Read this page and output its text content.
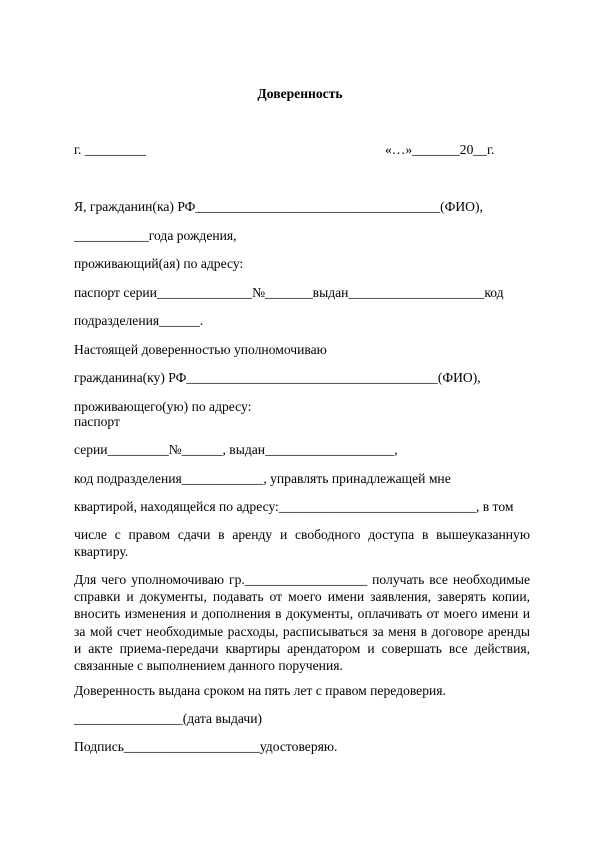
Доверенность
г. _________	«…»_______20__г.
Я, гражданин(ка) РФ____________________________________(ФИО),
___________года рождения,
проживающий(ая) по адресу:
паспорт серии______________№_______выдан____________________код
подразделения______.
Настоящей доверенностью уполномочиваю
гражданина(ку) РФ_____________________________________(ФИО),
проживающего(ую) по адресу:
паспорт
серии_________№______, выдан___________________,
код подразделения____________, управлять принадлежащей мне
квартирой, находящейся по адресу:_____________________________, в том
числе с правом сдачи в аренду и свободного доступа в вышеуказанную квартиру.
Для чего уполномочиваю гр.__________________ получать все необходимые справки и документы, подавать от моего имени заявления, заверять копии, вносить изменения и дополнения в документы, оплачивать от моего имени и за мой счет необходимые расходы, расписываться за меня в договоре аренды и акте приема-передачи квартиры арендатором и совершать все действия, связанные с выполнением данного поручения.
Доверенность выдана сроком на пять лет с правом передоверия.
________________(дата выдачи)
Подпись____________________удостоверяю.
